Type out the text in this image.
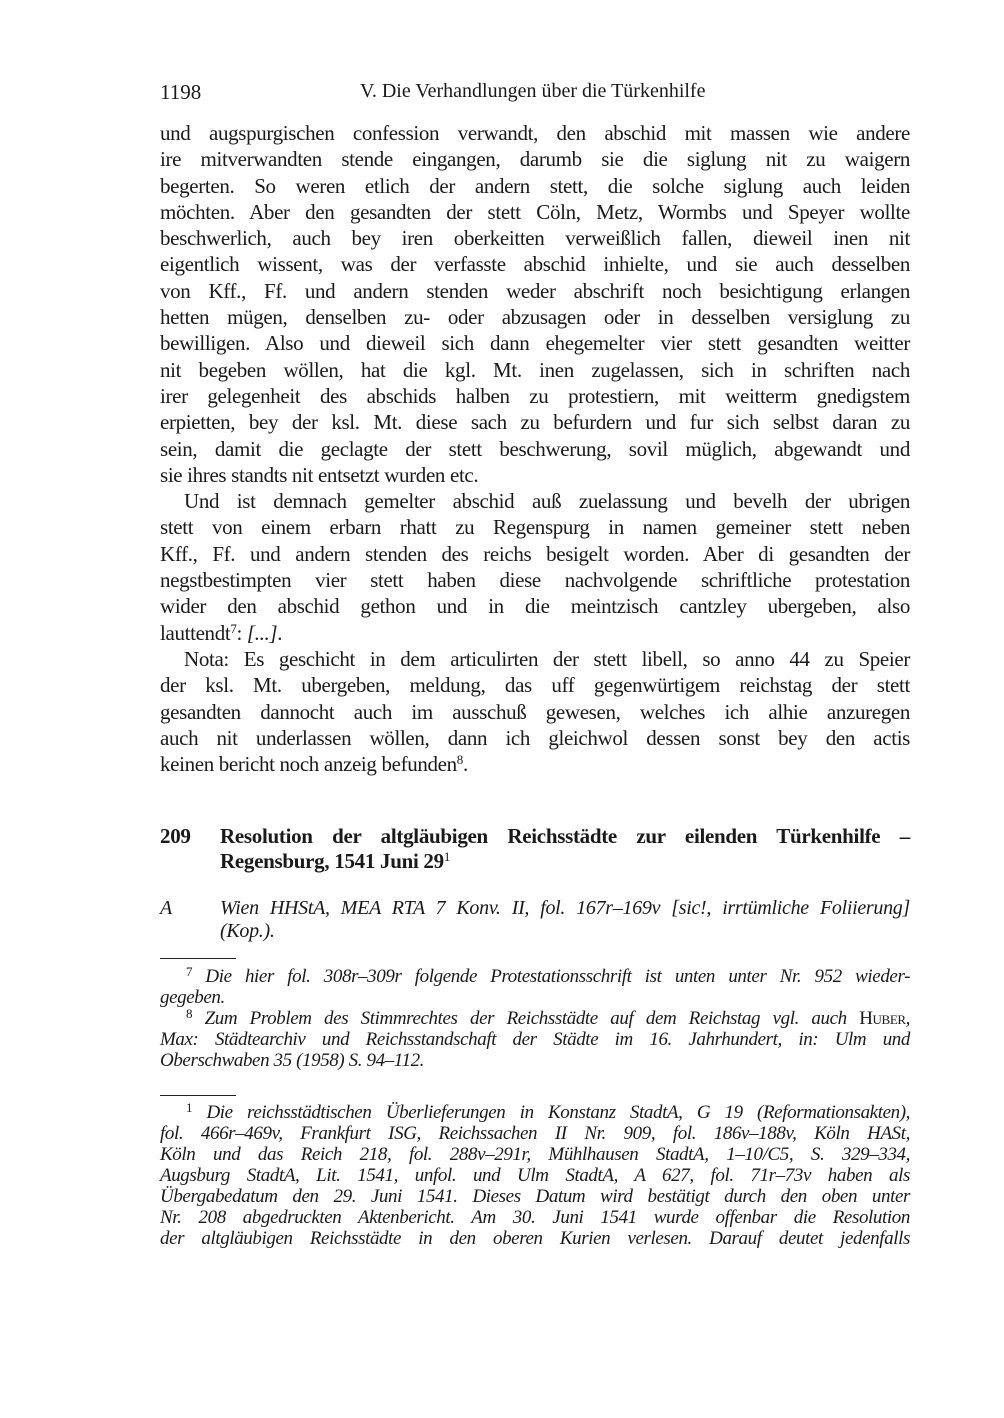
1198	V. Die Verhandlungen über die Türkenhilfe
und augspurgischen confession verwandt, den abschid mit massen wie andere
ire mitverwandten stende eingangen, darumb sie die siglung nit zu waigern
begerten. So weren etlich der andern stett, die solche siglung auch leiden
möchten. Aber den gesandten der stett Cöln, Metz, Wormbs und Speyer wollte
beschwerlich, auch bey iren oberkeitten verweißlich fallen, dieweil inen nit
eigentlich wissent, was der verfasste abschid inhielte, und sie auch desselben
von Kff., Ff. und andern stenden weder abschrift noch besichtigung erlangen
hetten mügen, denselben zu- oder abzusagen oder in desselben versiglung zu
bewilligen. Also und dieweil sich dann ehegemelter vier stett gesandten weitter
nit begeben wöllen, hat die kgl. Mt. inen zugelassen, sich in schriften nach
irer gelegenheit des abschids halben zu protestiern, mit weitterm gnedigstem
erpietten, bey der ksl. Mt. diese sach zu befurdern und fur sich selbst daran zu
sein, damit die geclagte der stett beschwerung, sovil müglich, abgewandt und
sie ihres standts nit entsetzt wurden etc.
Und ist demnach gemelter abschid auß zuelassung und bevelh der ubrigen
stett von einem erbarn rhatt zu Regenspurg in namen gemeiner stett neben
Kff., Ff. und andern stenden des reichs besigelt worden. Aber di gesandten der
negstbestimpten vier stett haben diese nachvolgende schriftliche protestation
wider den abschid gethon und in die meintzisch cantzley ubergeben, also
lauttendt$^7$: [...].
Nota: Es geschicht in dem articulirten der stett libell, so anno 44 zu Speier
der ksl. Mt. ubergeben, meldung, das uff gegenwürtigem reichstag der stett
gesandten dannocht auch im ausschuß gewesen, welches ich alhie anzuregen
auch nit underlassen wöllen, dann ich gleichwol dessen sonst bey den actis
keinen bericht noch anzeig befunden$^8$.
209 Resolution der altgläubigen Reichsstädte zur eilenden Türkenhilfe –
Regensburg, 1541 Juni $29^1$
A Wien HHStA, MEA RTA 7 Konv. II, fol. 167r–169v [sic!, irrtümliche Foliierung]
(Kop.).
$^7$ Die hier fol. 308r–309r folgende Protestationsschrift ist unten unter Nr. 952 wieder-
gegeben.
$^8$ Zum Problem des Stimmrechtes der Reichsstädte auf dem Reichstag vgl. auch Huber,
Max: Städtearchiv und Reichsstandschaft der Städte im 16. Jahrhundert, in: Ulm und
Oberschwaben 35 (1958) S. 94–112.
$^1$ Die reichsstädtischen Überlieferungen in Konstanz StadtA, G 19 (Reformationsakten),
fol. 466r–469v, Frankfurt ISG, Reichssachen II Nr. 909, fol. 186v–188v, Köln HASt,
Köln und das Reich 218, fol. 288v–291r, Mühlhausen StadtA, 1–10/C5, S. 329–334,
Augsburg StadtA, Lit. 1541, unfol. und Ulm StadtA, A 627, fol. 71r–73v haben als
Übergabedatum den 29. Juni 1541. Dieses Datum wird bestätigt durch den oben unter
Nr. 208 abgedruckten Aktenbericht. Am 30. Juni 1541 wurde offenbar die Resolution
der altgläubigen Reichsstädte in den oberen Kurien verlesen. Darauf deutet jedenfalls
